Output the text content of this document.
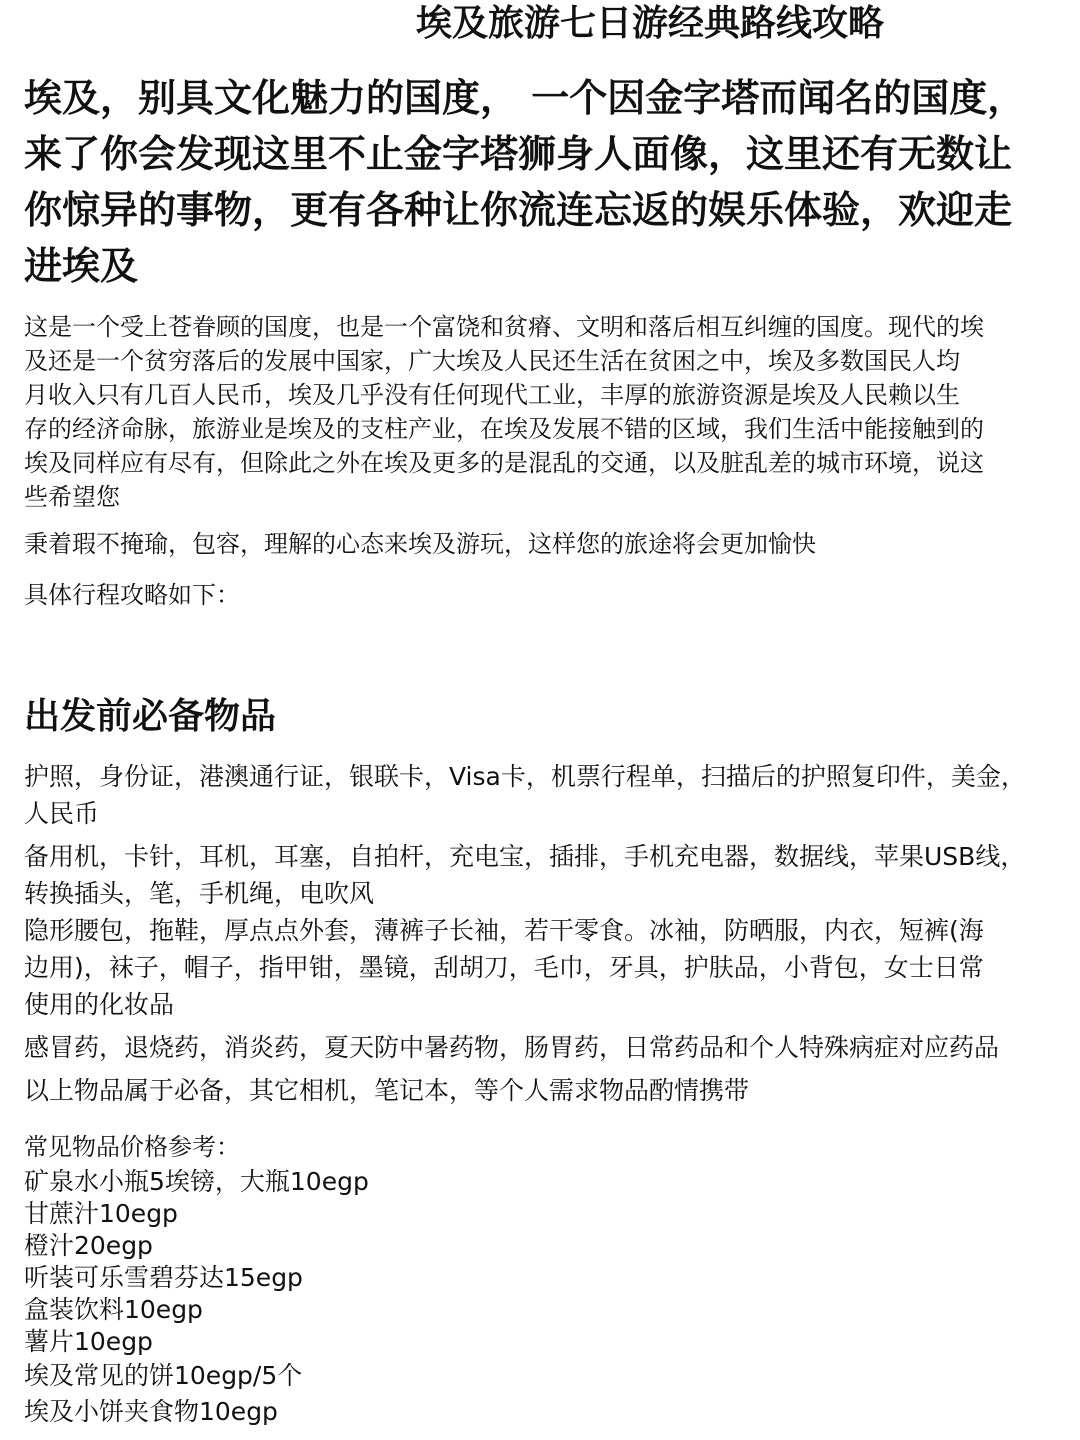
埃及旅游七日游经典路线攻略
埃及，别具文化魅力的国度， 一个因金字塔而闻名的国度，
来了你会发现这里不止金字塔狮身人面像，这里还有无数让
你惊异的事物，更有各种让你流连忘返的娱乐体验，欢迎走
进埃及
这是一个受上苍眷顾的国度，也是一个富饶和贫瘠、文明和落后相互纠缠的国度。现代的埃
及还是一个贫穷落后的发展中国家，广大埃及人民还生活在贫困之中，埃及多数国民人均
月收入只有几百人民币，埃及几乎没有任何现代工业，丰厚的旅游资源是埃及人民赖以生
存的经济命脉，旅游业是埃及的支柱产业，在埃及发展不错的区域，我们生活中能接触到的
埃及同样应有尽有，但除此之外在埃及更多的是混乱的交通，以及脏乱差的城市环境，说这
些希望您
秉着瑕不掩瑜，包容，理解的心态来埃及游玩，这样您的旅途将会更加愉快
具体行程攻略如下：
出发前必备物品
护照，身份证，港澳通行证，银联卡，Visa卡，机票行程单，扫描后的护照复印件，美金，
人民币
备用机，卡针，耳机，耳塞，自拍杆，充电宝，插排，手机充电器，数据线，苹果USB线，
转换插头，笔，手机绳，电吹风
隐形腰包，拖鞋，厚点点外套，薄裤子长袖，若干零食。冰袖，防晒服，内衣，短裤(海
边用)，袜子，帽子，指甲钳，墨镜，刮胡刀，毛巾，牙具，护肤品，小背包，女士日常
使用的化妆品
感冒药，退烧药，消炎药，夏天防中暑药物，肠胃药，日常药品和个人特殊病症对应药品
以上物品属于必备，其它相机，笔记本，等个人需求物品酌情携带
常见物品价格参考：
矿泉水小瓶5埃镑，大瓶10egp
甘蔗汁10egp
橙汁20egp
听装可乐雪碧芬达15egp
盒装饮料10egp
薯片10egp
埃及常见的饼10egp/5个
埃及小饼夹食物10egp
